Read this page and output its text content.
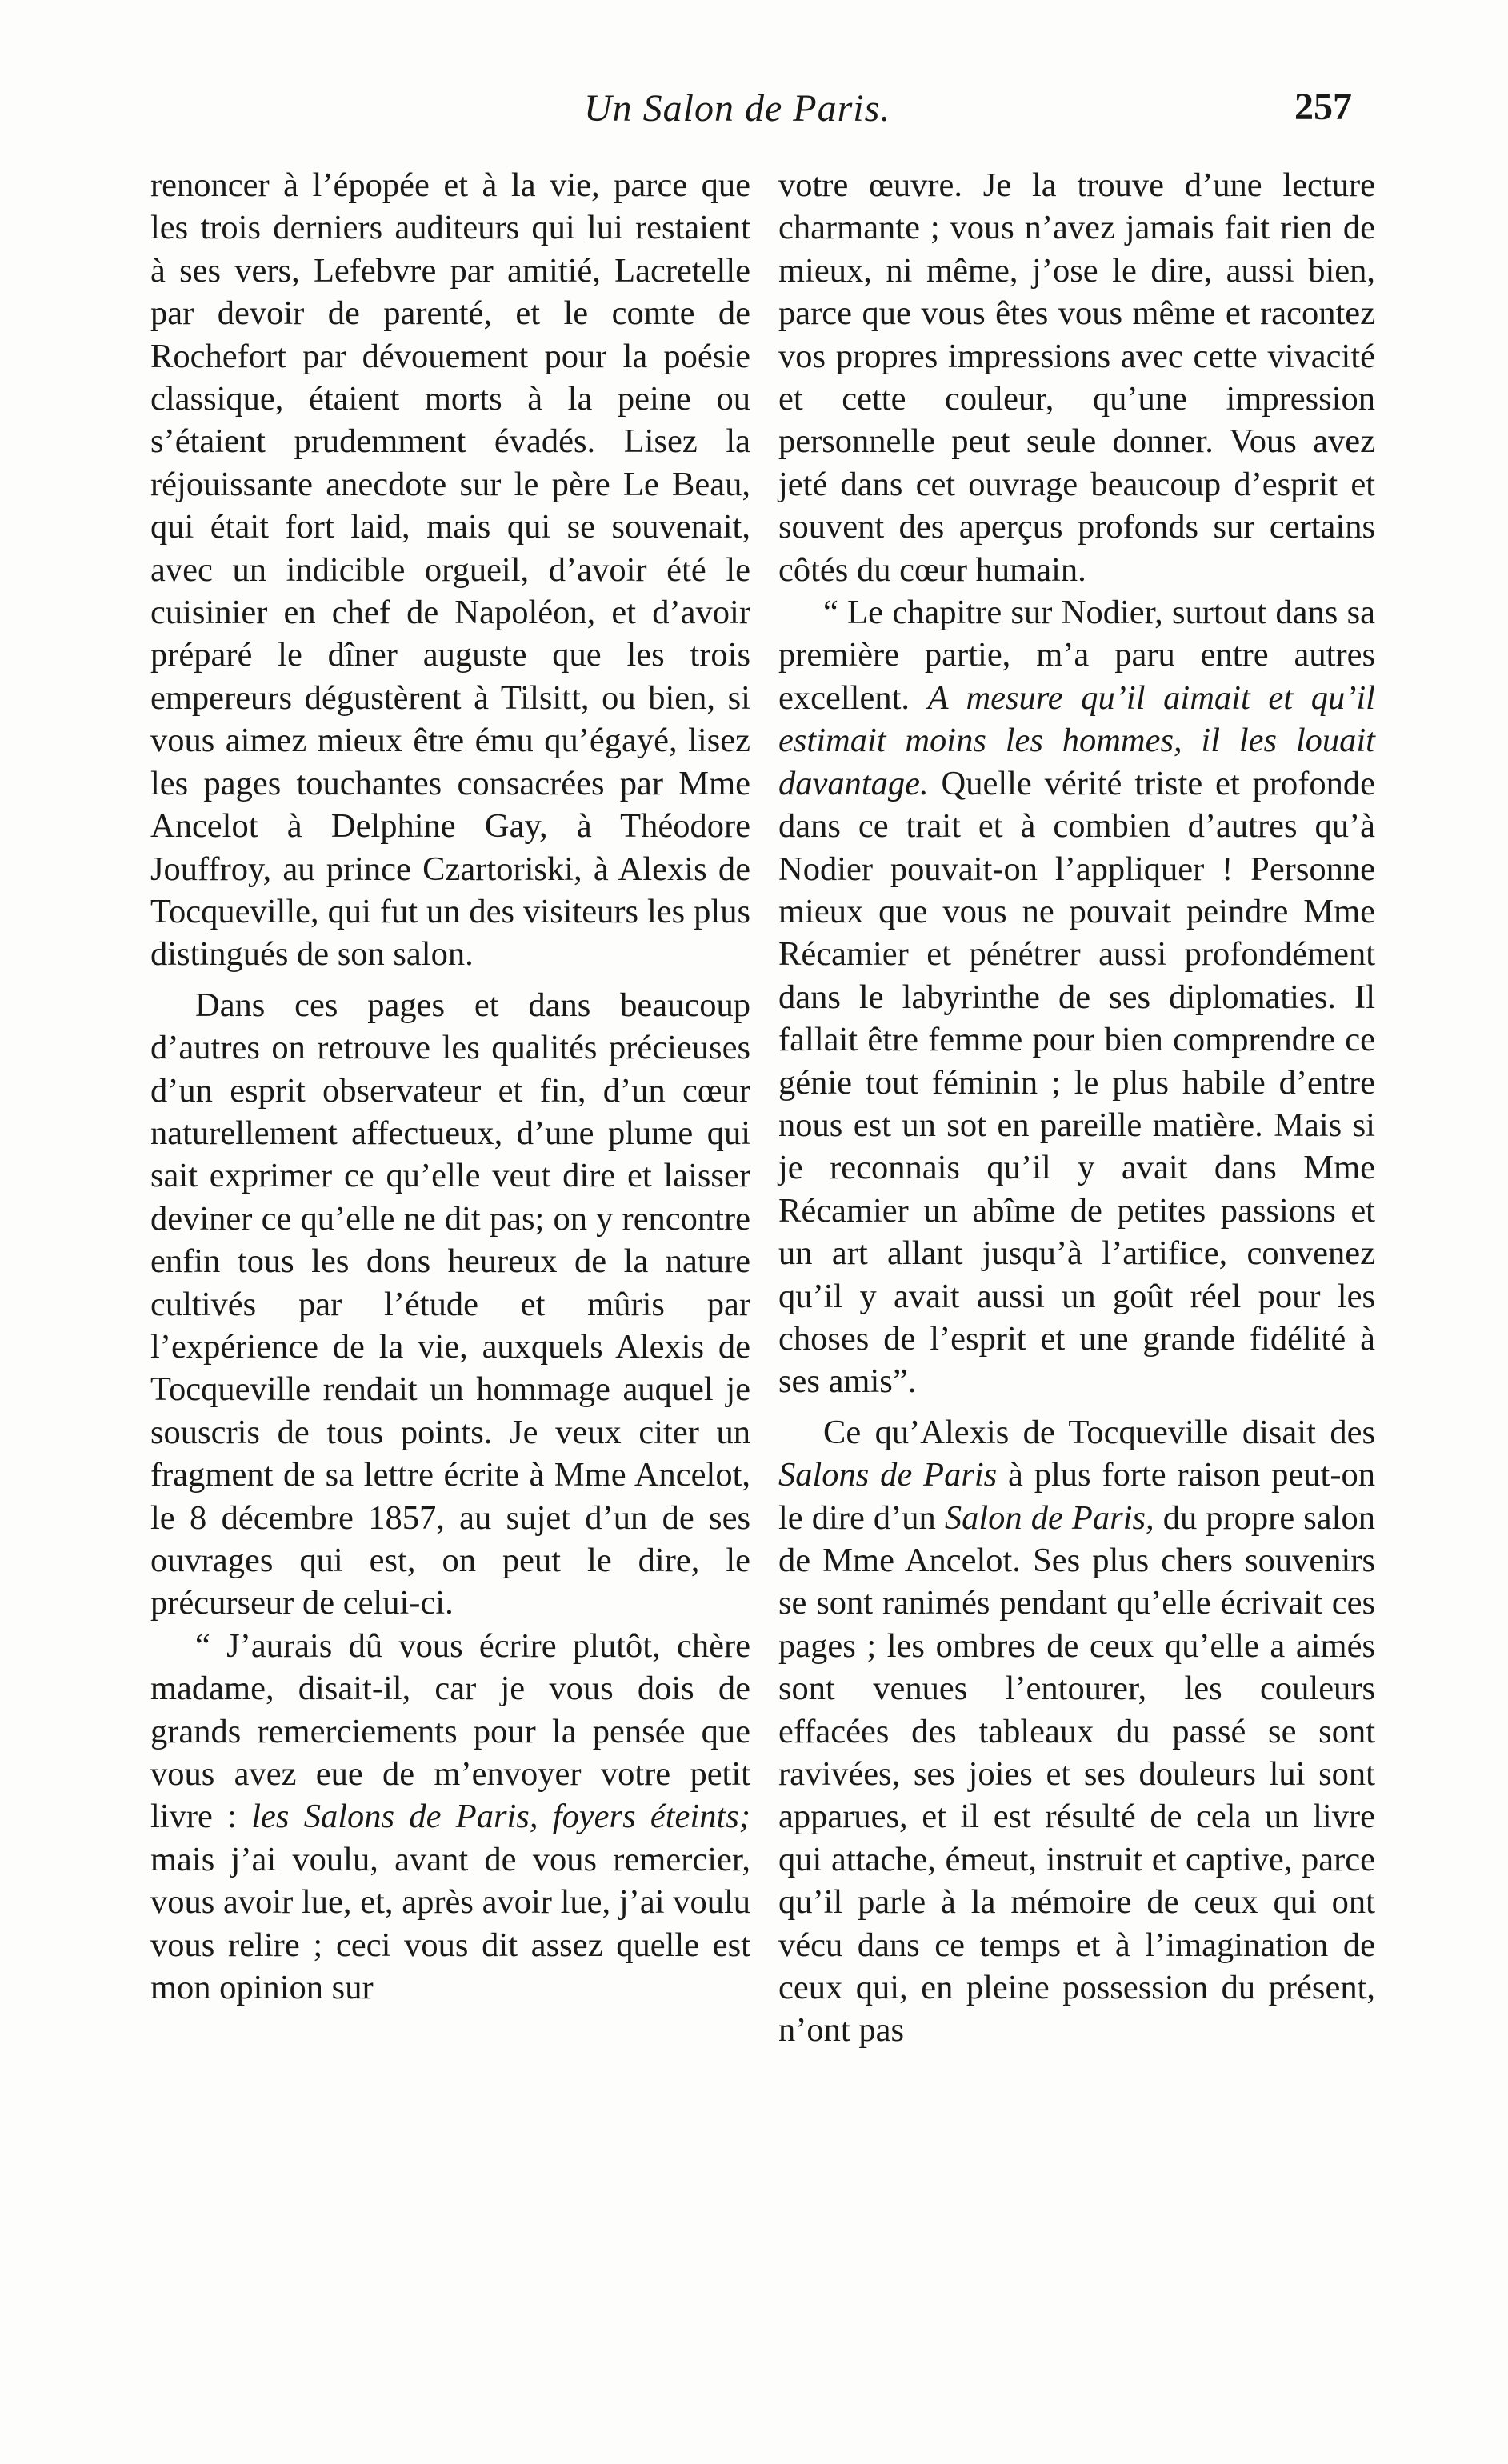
Un Salon de Paris.	257

renoncer à l’épopée et à la vie, parce que les trois derniers auditeurs qui lui restaient à ses vers, Lefebvre par amitié, Lacretelle par devoir de parenté, et le comte de Rochefort par dévouement pour la poésie classique, étaient morts à la peine ou s’étaient prudemment évadés. Lisez la réjouissante anecdote sur le père Le Beau, qui était fort laid, mais qui se souvenait, avec un indicible orgueil, d’avoir été le cuisinier en chef de Napoléon, et d’avoir préparé le dîner auguste que les trois empereurs dégustèrent à Tilsitt, ou bien, si vous aimez mieux être ému qu’égayé, lisez les pages touchantes consacrées par Mme Ancelot à Delphine Gay, à Théodore Jouffroy, au prince Czartoriski, à Alexis de Tocqueville, qui fut un des visiteurs les plus distingués de son salon.

Dans ces pages et dans beaucoup d’autres on retrouve les qualités précieuses d’un esprit observateur et fin, d’un cœur naturellement affectueux, d’une plume qui sait exprimer ce qu’elle veut dire et laisser deviner ce qu’elle ne dit pas; on y rencontre enfin tous les dons heureux de la nature cultivés par l’étude et mûris par l’expérience de la vie, auxquels Alexis de Tocqueville rendait un hommage auquel je souscris de tous points. Je veux citer un fragment de sa lettre écrite à Mme Ancelot, le 8 décembre 1857, au sujet d’un de ses ouvrages qui est, on peut le dire, le précurseur de celui-ci.

“ J’aurais dû vous écrire plutôt, chère madame, disait-il, car je vous dois de grands remerciements pour la pensée que vous avez eue de m’envoyer votre petit livre : les Salons de Paris, foyers éteints; mais j’ai voulu, avant de vous remercier, vous avoir lue, et, après avoir lue, j’ai voulu vous relire ; ceci vous dit assez quelle est mon opinion sur

votre œuvre. Je la trouve d’une lecture charmante ; vous n’avez jamais fait rien de mieux, ni même, j’ose le dire, aussi bien, parce que vous êtes vous même et racontez vos propres impressions avec cette vivacité et cette couleur, qu’une impression personnelle peut seule donner. Vous avez jeté dans cet ouvrage beaucoup d’esprit et souvent des aperçus profonds sur certains côtés du cœur humain.

“ Le chapitre sur Nodier, surtout dans sa première partie, m’a paru entre autres excellent. A mesure qu’il aimait et qu’il estimait moins les hommes, il les louait davantage. Quelle vérité triste et profonde dans ce trait et à combien d’autres qu’à Nodier pouvait-on l’appliquer ! Personne mieux que vous ne pouvait peindre Mme Récamier et pénétrer aussi profondément dans le labyrinthe de ses diplomaties. Il fallait être femme pour bien comprendre ce génie tout féminin ; le plus habile d’entre nous est un sot en pareille matière. Mais si je reconnais qu’il y avait dans Mme Récamier un abîme de petites passions et un art allant jusqu’à l’artifice, convenez qu’il y avait aussi un goût réel pour les choses de l’esprit et une grande fidélité à ses amis”.

Ce qu’Alexis de Tocqueville disait des Salons de Paris à plus forte raison peut-on le dire d’un Salon de Paris, du propre salon de Mme Ancelot. Ses plus chers souvenirs se sont ranimés pendant qu’elle écrivait ces pages ; les ombres de ceux qu’elle a aimés sont venues l’entourer, les couleurs effacées des tableaux du passé se sont ravivées, ses joies et ses douleurs lui sont apparues, et il est résulté de cela un livre qui attache, émeut, instruit et captive, parce qu’il parle à la mémoire de ceux qui ont vécu dans ce temps et à l’imagination de ceux qui, en pleine possession du présent, n’ont pas
